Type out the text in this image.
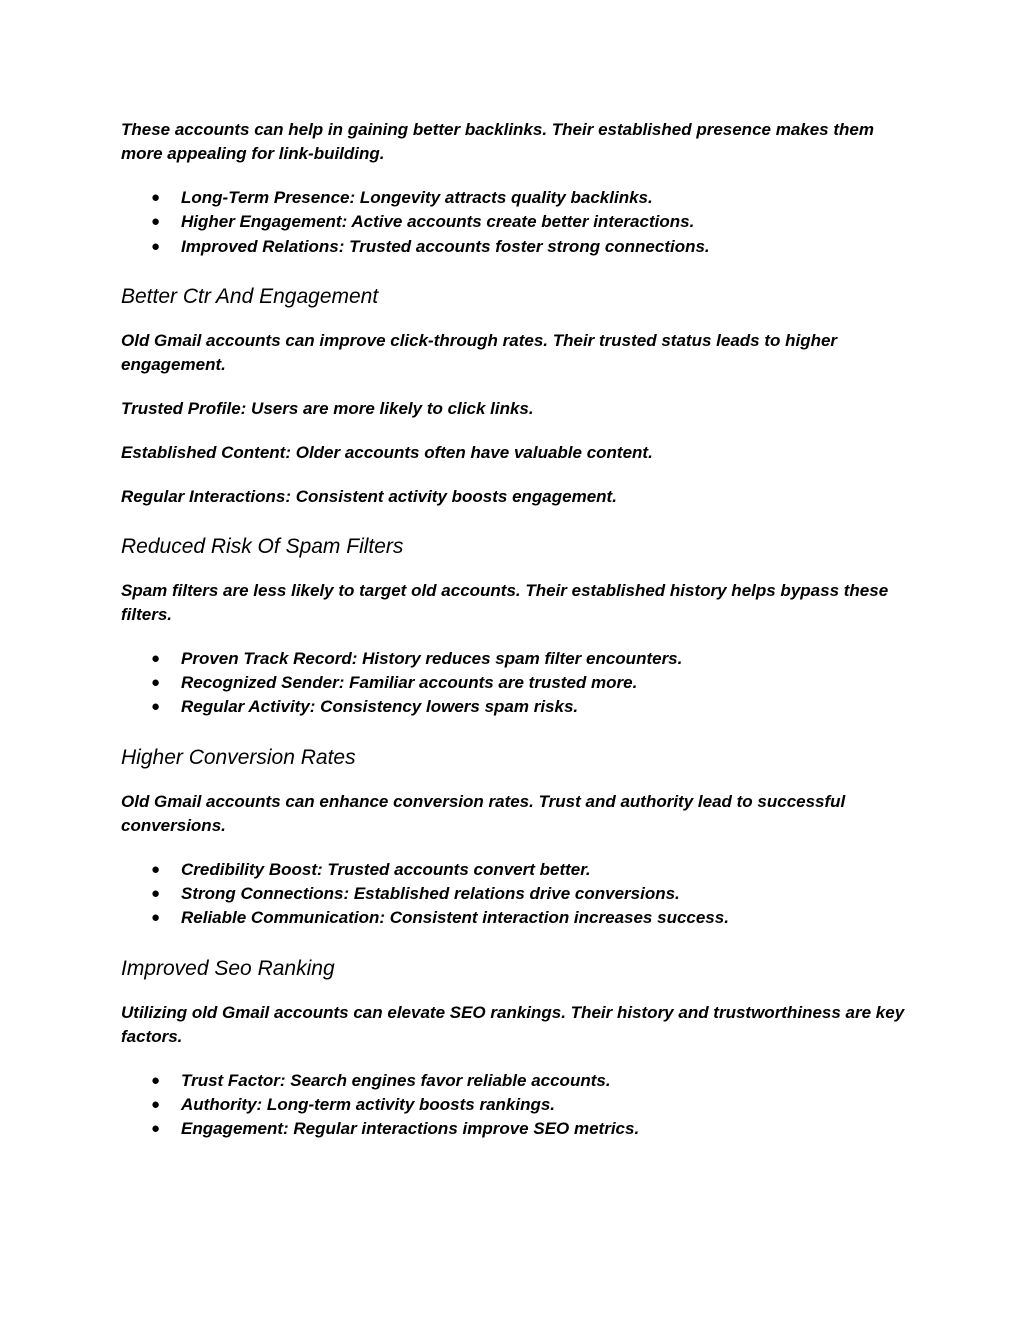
These accounts can help in gaining better backlinks. Their established presence makes them more appealing for link-building.

● Long-Term Presence: Longevity attracts quality backlinks.
● Higher Engagement: Active accounts create better interactions.
● Improved Relations: Trusted accounts foster strong connections.
Better Ctr And Engagement

Old Gmail accounts can improve click-through rates. Their trusted status leads to higher engagement.

Trusted Profile: Users are more likely to click links.

Established Content: Older accounts often have valuable content.

Regular Interactions: Consistent activity boosts engagement.

Reduced Risk Of Spam Filters

Spam filters are less likely to target old accounts. Their established history helps bypass these filters.

● Proven Track Record: History reduces spam filter encounters.
● Recognized Sender: Familiar accounts are trusted more.
● Regular Activity: Consistency lowers spam risks.
Higher Conversion Rates

Old Gmail accounts can enhance conversion rates. Trust and authority lead to successful conversions.

● Credibility Boost: Trusted accounts convert better.
● Strong Connections: Established relations drive conversions.
● Reliable Communication: Consistent interaction increases success.
Improved Seo Ranking

Utilizing old Gmail accounts can elevate SEO rankings. Their history and trustworthiness are key factors.

● Trust Factor: Search engines favor reliable accounts.
● Authority: Long-term activity boosts rankings.
● Engagement: Regular interactions improve SEO metrics.
